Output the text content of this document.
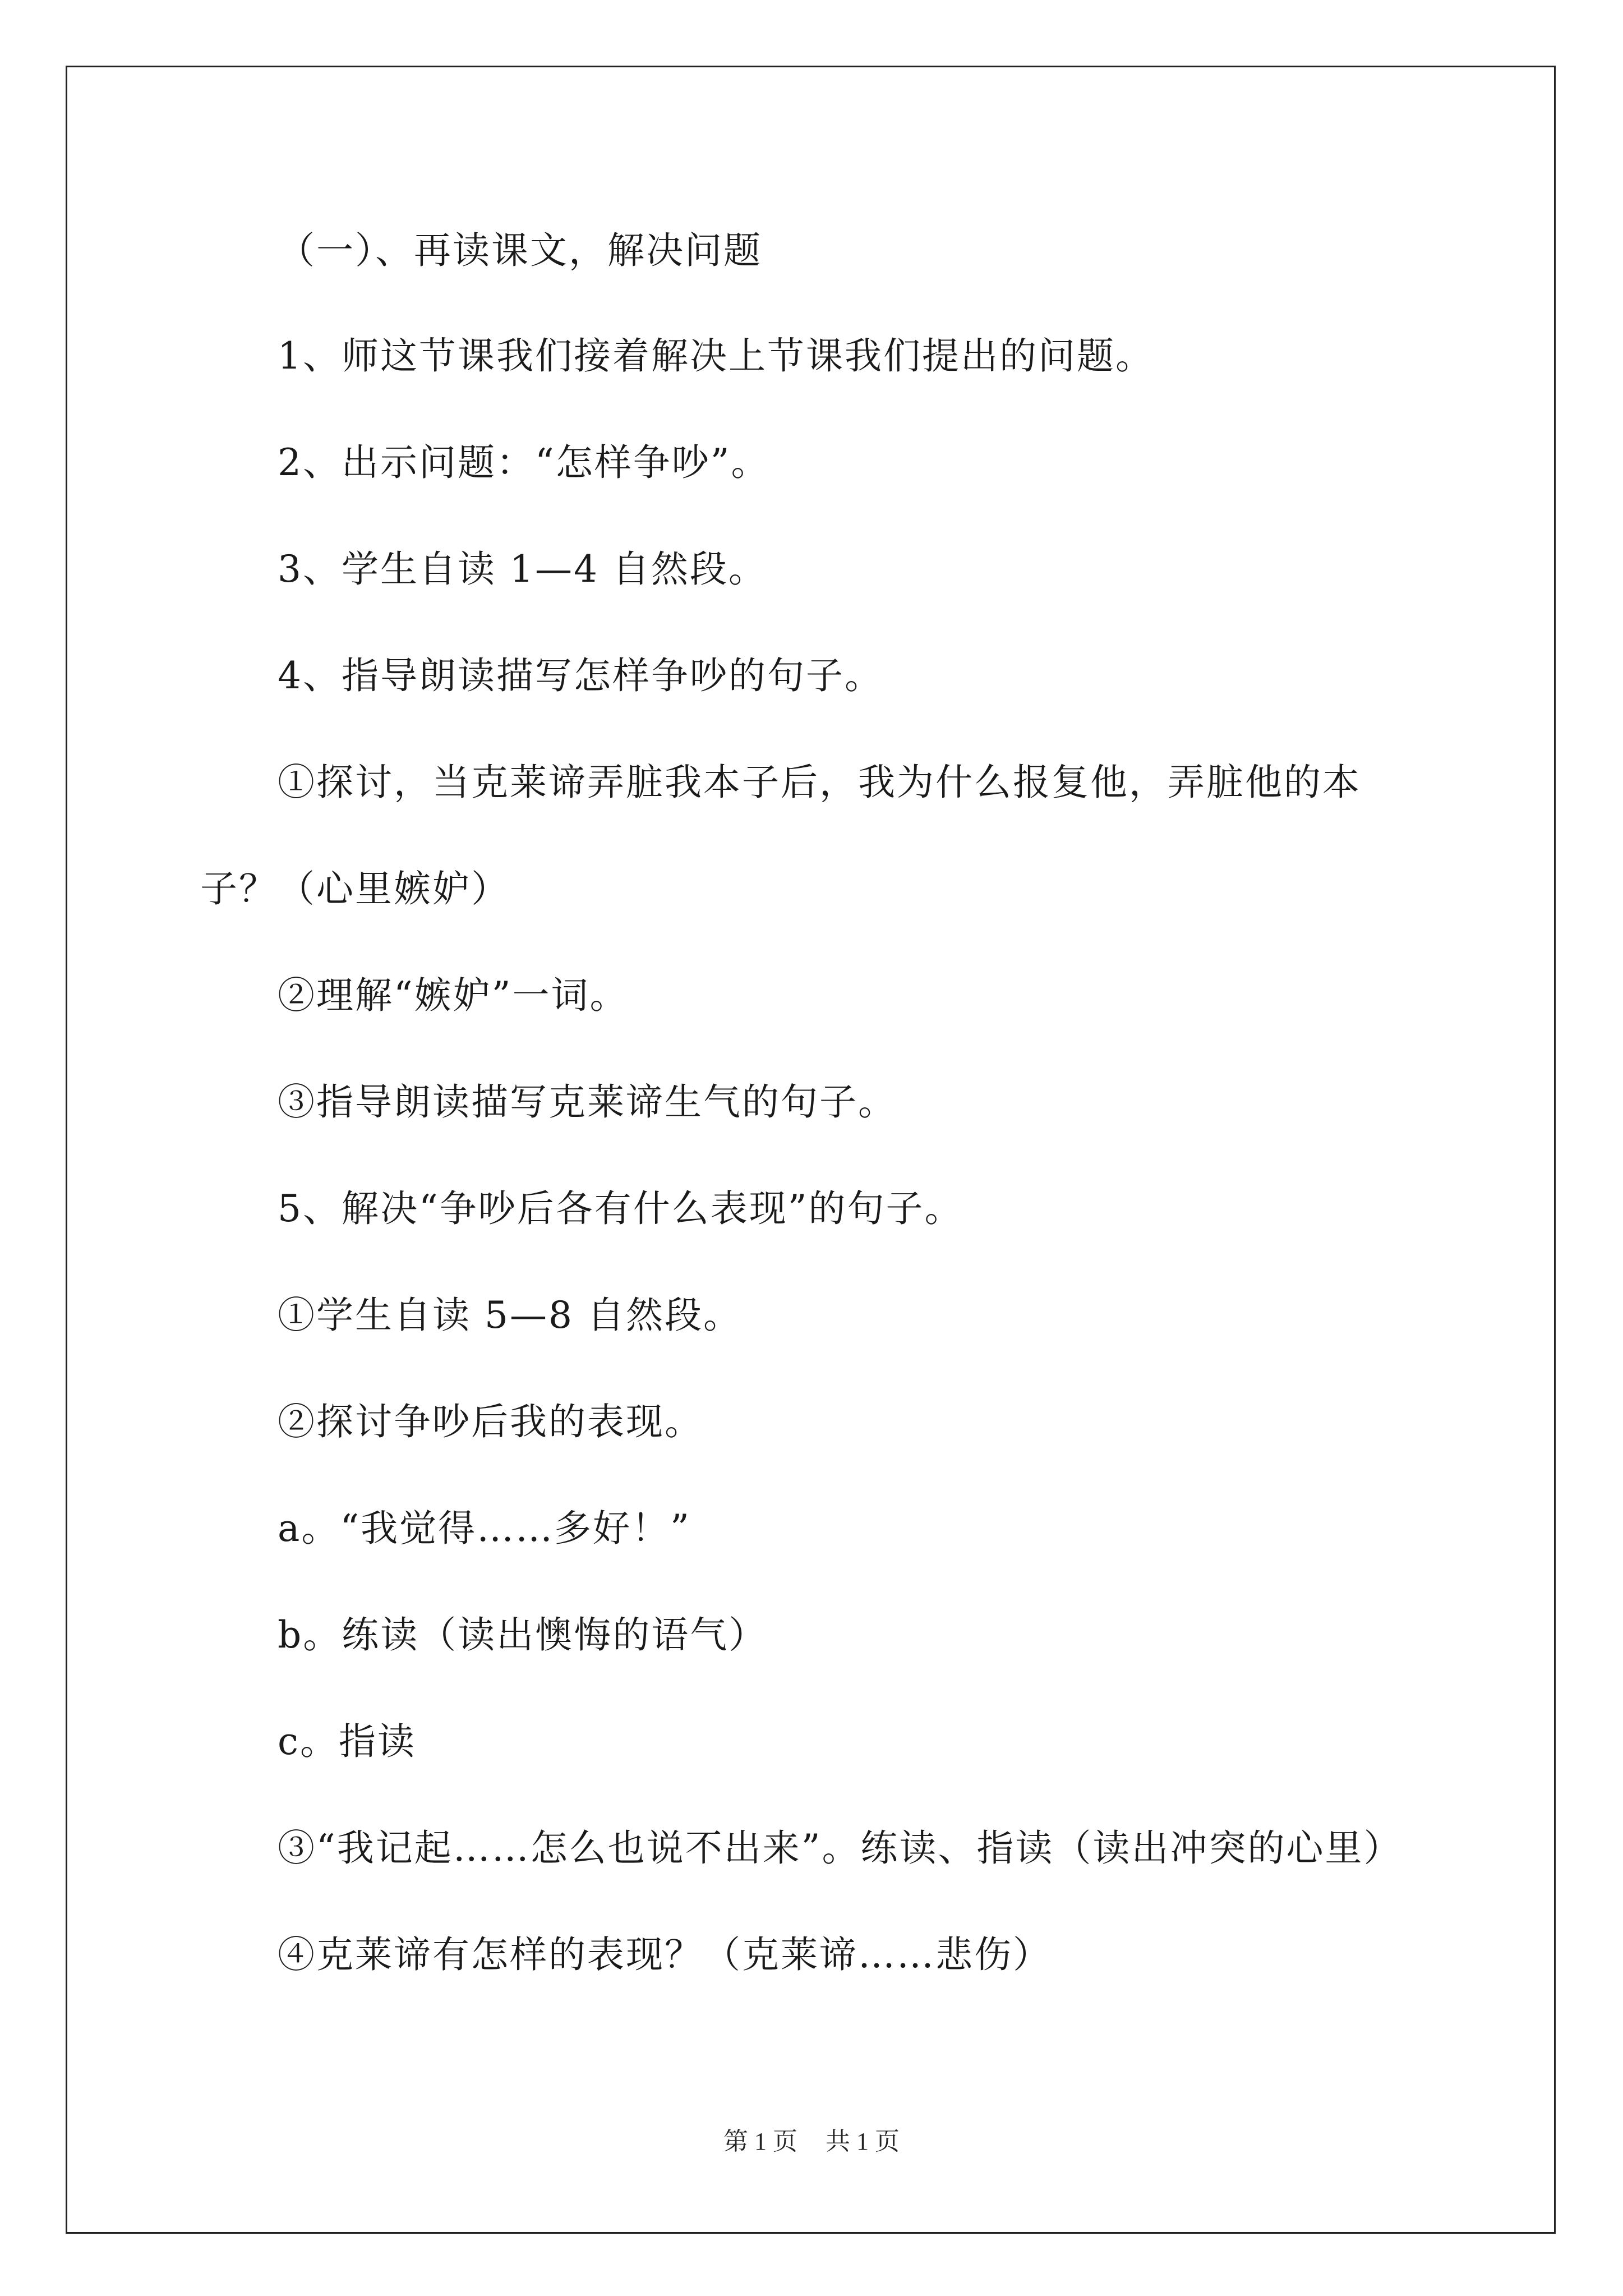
（一）、再读课文，解决问题
1、师这节课我们接着解决上节课我们提出的问题。
2、出示问题：“怎样争吵”。
3、学生自读 1—4 自然段。
4、指导朗读描写怎样争吵的句子。
①探讨，当克莱谛弄脏我本子后，我为什么报复他，弄脏他的本
子？（心里嫉妒）
②理解“嫉妒”一词。
③指导朗读描写克莱谛生气的句子。
5、解决“争吵后各有什么表现”的句子。
①学生自读 5—8 自然段。
②探讨争吵后我的表现。
a。“我觉得……多好！”
b。练读（读出懊悔的语气）
c。指读
③“我记起……怎么也说不出来”。练读、指读（读出冲突的心里）
④克莱谛有怎样的表现？（克莱谛……悲伤）
第 1 页 共 1 页
